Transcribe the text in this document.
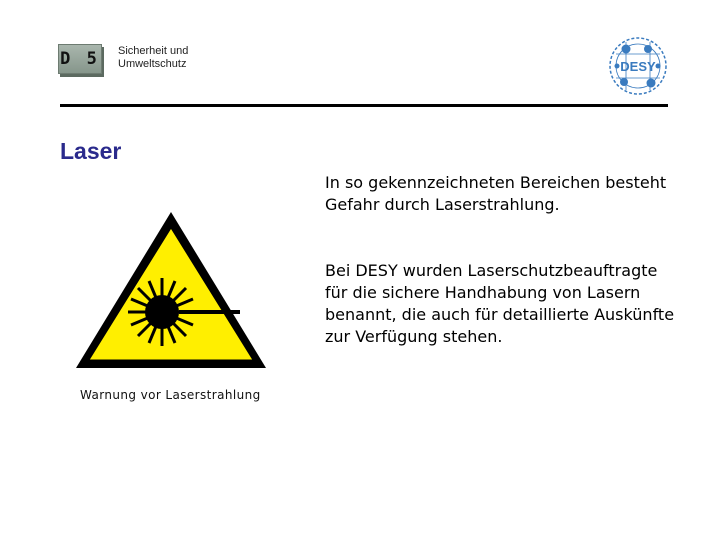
D 5 Sicherheit und
Umweltschutz	DESY
Laser
Warnung vor Laserstrahlung

In so gekennzeichneten Bereichen besteht Gefahr durch Laserstrahlung.

Bei DESY wurden Laserschutzbeauftragte für die sichere Handhabung von Lasern benannt, die auch für detaillierte Auskünfte zur Verfügung stehen.
